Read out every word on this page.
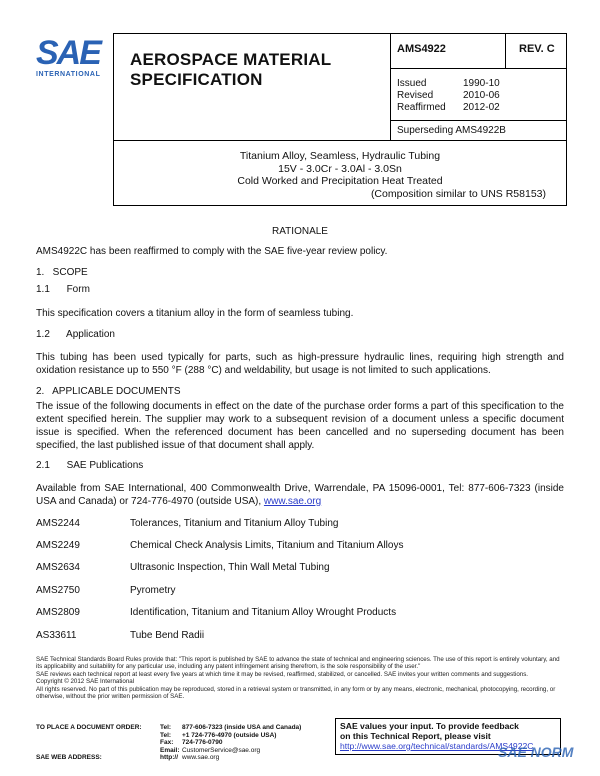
SAE
INTERNATIONAL
AEROSPACE MATERIAL
SPECIFICATION
AMS4922	REV. C
Issued	1990-10
Revised	2010-06
Reaffirmed	2012-02
Superseding AMS4922B
Titanium Alloy, Seamless, Hydraulic Tubing
15V - 3.0Cr - 3.0Al - 3.0Sn
Cold Worked and Precipitation Heat Treated
(Composition similar to UNS R58153)
RATIONALE
AMS4922C has been reaffirmed to comply with the SAE five-year review policy.
1.   SCOPE
1.1      Form
This specification covers a titanium alloy in the form of seamless tubing.
1.2      Application
This tubing has been used typically for parts, such as high-pressure hydraulic lines, requiring high strength and oxidation resistance up to 550 °F (288 °C) and weldability, but usage is not limited to such applications.
2.   APPLICABLE DOCUMENTS
The issue of the following documents in effect on the date of the purchase order forms a part of this specification to the extent specified herein. The supplier may work to a subsequent revision of a document unless a specific document issue is specified. When the referenced document has been cancelled and no superseding document has been specified, the last published issue of that document shall apply.
2.1      SAE Publications
Available from SAE International, 400 Commonwealth Drive, Warrendale, PA 15096-0001, Tel: 877-606-7323 (inside USA and Canada) or 724-776-4970 (outside USA), www.sae.org
AMS2244	Tolerances, Titanium and Titanium Alloy Tubing
AMS2249	Chemical Check Analysis Limits, Titanium and Titanium Alloys
AMS2634	Ultrasonic Inspection, Thin Wall Metal Tubing
AMS2750	Pyrometry
AMS2809	Identification, Titanium and Titanium Alloy Wrought Products
AS33611	Tube Bend Radii
SAE Technical Standards Board Rules provide that: "This report is published by SAE to advance the state of technical and engineering sciences. The use of this report is entirely voluntary, and its applicability and suitability for any particular use, including any patent infringement arising therefrom, is the sole responsibility of the user."
SAE reviews each technical report at least every five years at which time it may be revised, reaffirmed, stabilized, or cancelled. SAE invites your written comments and suggestions.
Copyright © 2012 SAE International
All rights reserved. No part of this publication may be reproduced, stored in a retrieval system or transmitted, in any form or by any means, electronic, mechanical, photocopying, recording, or otherwise, without the prior written permission of SAE.
TO PLACE A DOCUMENT ORDER:	Tel: 877-606-7323 (inside USA and Canada)
Tel: +1 724-776-4970 (outside USA)
Fax: 724-776-0790
Email: CustomerService@sae.org
SAE WEB ADDRESS:	http:// www.sae.org
SAE values your input. To provide feedback
on this Technical Report, please visit
http://www.sae.org/technical/standards/AMS4922C
SAE NORM
